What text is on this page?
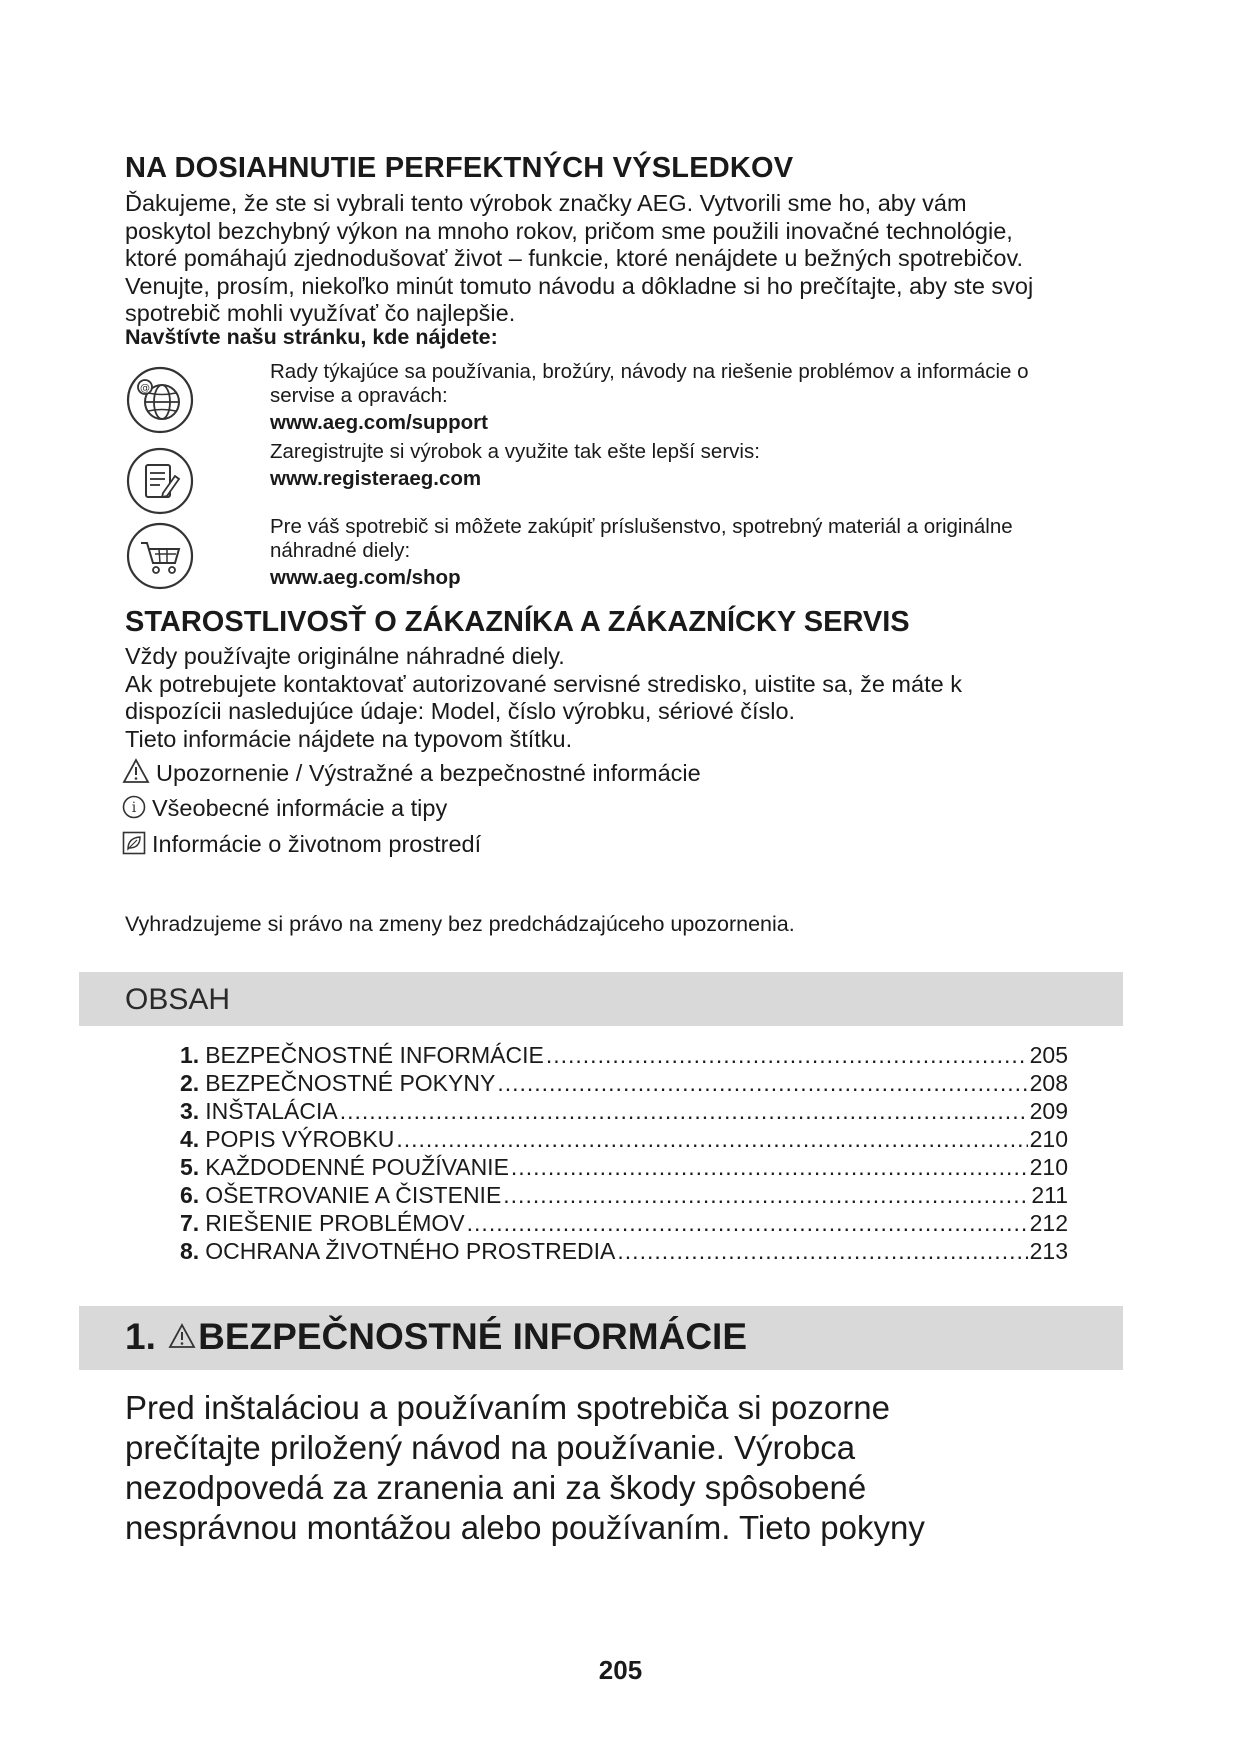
NA DOSIAHNUTIE PERFEKTNÝCH VÝSLEDKOV

Ďakujeme, že ste si vybrali tento výrobok značky AEG. Vytvorili sme ho, aby vám
poskytol bezchybný výkon na mnoho rokov, pričom sme použili inovačné technológie,
ktoré pomáhajú zjednodušovať život – funkcie, ktoré nenájdete u bežných spotrebičov.
Venujte, prosím, niekoľko minút tomuto návodu a dôkladne si ho prečítajte, aby ste svoj
spotrebič mohli využívať čo najlepšie.

Navštívte našu stránku, kde nájdete:

@
Rady týkajúce sa používania, brožúry, návody na riešenie problémov a informácie o
servise a opravách:
www.aeg.com/support
Zaregistrujte si výrobok a využite tak ešte lepší servis:
www.registeraeg.com
Pre váš spotrebič si môžete zakúpiť príslušenstvo, spotrebný materiál a originálne
náhradné diely:
www.aeg.com/shop
STAROSTLIVOSŤ O ZÁKAZNÍKA A ZÁKAZNÍCKY SERVIS

Vždy používajte originálne náhradné diely.
Ak potrebujete kontaktovať autorizované servisné stredisko, uistite sa, že máte k
dispozícii nasledujúce údaje: Model, číslo výrobku, sériové číslo.
Tieto informácie nájdete na typovom štítku.

Upozornenie / Výstražné a bezpečnostné informácie
i Všeobecné informácie a tipy
Informácie o životnom prostredí

Vyhradzujeme si právo na zmeny bez predchádzajúceho upozornenia.

OBSAH
1. BEZPEČNOSTNÉ INFORMÁCIE .....	205
2. BEZPEČNOSTNÉ POKYNY .....	208
3. INŠTALÁCIA .....	209
4. POPIS VÝROBKU .....	210
5. KAŽDODENNÉ POUŽÍVANIE .....	210
6. OŠETROVANIE A ČISTENIE .....	211
7. RIEŠENIE PROBLÉMOV .....	212
8. OCHRANA ŽIVOTNÉHO PROSTREDIA .....	213
1. BEZPEČNOSTNÉ INFORMÁCIE

Pred inštaláciou a používaním spotrebiča si pozorne
prečítajte priložený návod na používanie. Výrobca
nezodpovedá za zranenia ani za škody spôsobené
nesprávnou montážou alebo používaním. Tieto pokyny

205
